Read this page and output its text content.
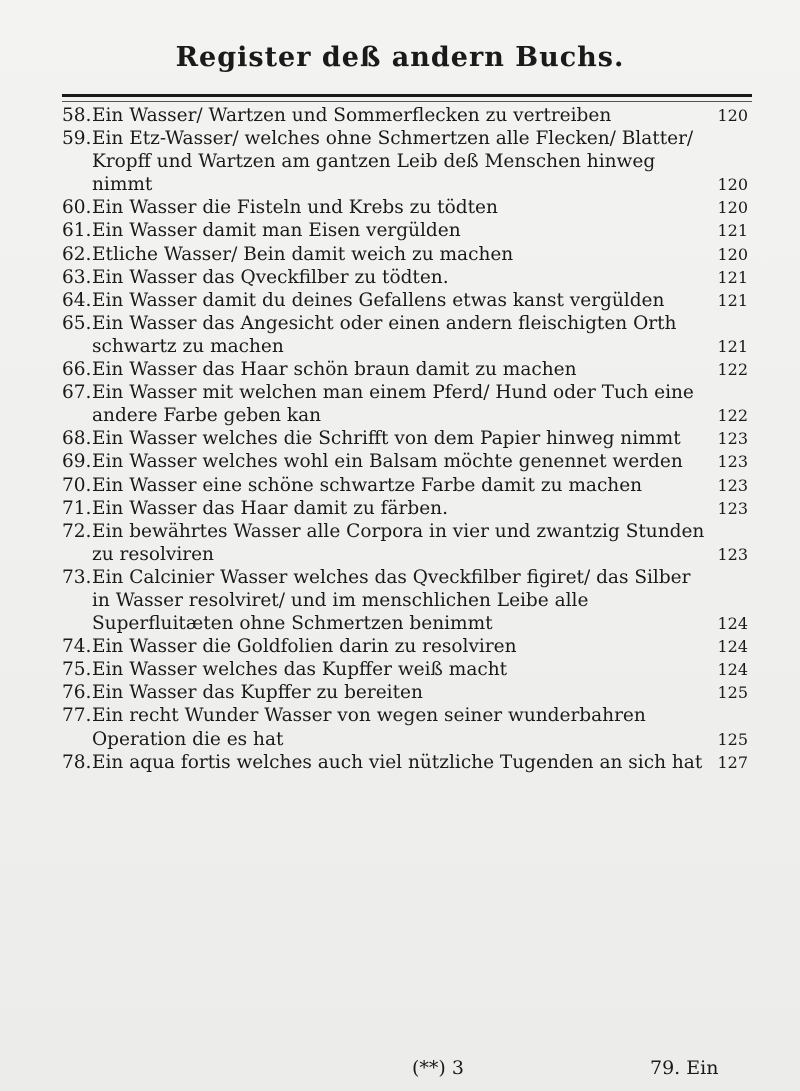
Register deß andern Buchs.
58. Ein Wasser/ Wartzen und Sommerflecken zu vertreiben	120
59. Ein Etz-Wasser/ welches ohne Schmertzen alle Flecken/ Blatter/ Kropff und Wartzen am gantzen Leib deß Menschen hinweg nimmt	120
60. Ein Wasser die Fisteln und Krebs zu tödten	120
61. Ein Wasser damit man Eisen vergülden	121
62. Etliche Wasser/ Bein damit weich zu machen	120
63. Ein Wasser das Qveckfilber zu tödten.	121
64. Ein Wasser damit du deines Gefallens etwas kanst vergülden	121
65. Ein Wasser das Angesicht oder einen andern fleischigten Orth schwartz zu machen	121
66. Ein Wasser das Haar schön braun damit zu machen	122
67. Ein Wasser mit welchen man einem Pferd/ Hund oder Tuch eine andere Farbe geben kan	122
68. Ein Wasser welches die Schrifft von dem Papier hinweg nimmt	123
69. Ein Wasser welches wohl ein Balsam möchte genennet werden	123
70. Ein Wasser eine schöne schwartze Farbe damit zu machen	123
71. Ein Wasser das Haar damit zu färben.	123
72. Ein bewährtes Wasser alle Corpora in vier und zwantzig Stunden zu resolviren	123
73. Ein Calcinier Wasser welches das Qveckfilber figiret/ das Silber in Wasser resolviret/ und im menschlichen Leibe alle Superfluitæten ohne Schmertzen benimmt	124
74. Ein Wasser die Goldfolien darin zu resolviren	124
75. Ein Wasser welches das Kupffer weiß macht	124
76. Ein Wasser das Kupffer zu bereiten	125
77. Ein recht Wunder Wasser von wegen seiner wunderbahren Operation die es hat	125
78. Ein aqua fortis welches auch viel nützliche Tugenden an sich hat 127
(**) 3	79. Ein
